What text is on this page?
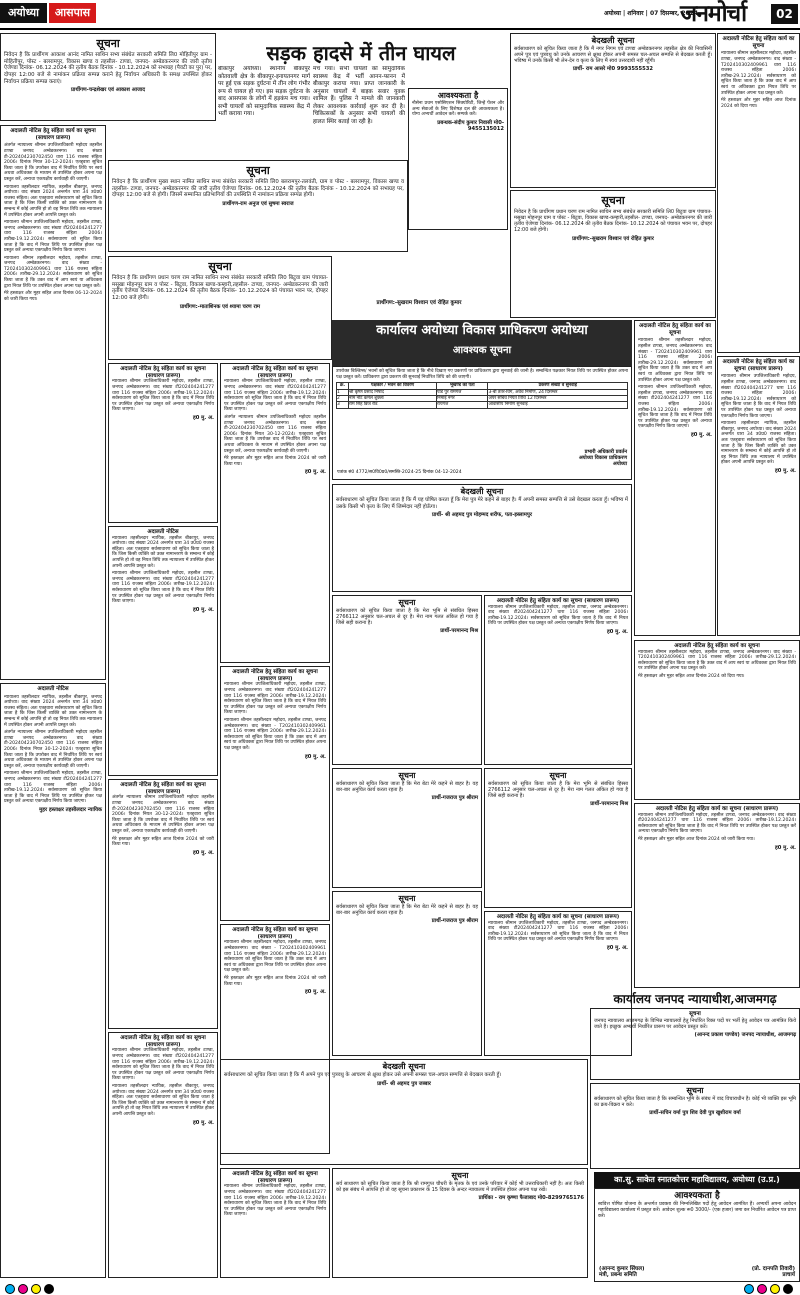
अयोध्या	आसपास	अयोध्या | शनिवार | 07 दिसम्बर, 2024
जनमोर्चा	02
सूचना
निवेदन है कि प्रार्थीगण आकाश आनंद नामित साथिन सभ्य संबंधेत सरकारी समिति लि0 मोहितीपुर ग्राम - मोहितीपुर, पोस्ट - बलरामपुर, विकास खण्ड व तहसील- टाण्डा, जनपद- अम्बेडकरनगर की जारी तृतीय ऐजेण्डा दिनांक- 06.12.2024 की तृतीय बैठक दिनांक - 10.12.2024 को सभाग्रह (पैवटी का पुर) पर, दोपहर 12:00 बजे से नामांकन प्रक्रिया सम्पन्न कराने हेतु निर्वाचन अधिकारी के समक्ष उपस्थित होकर निर्वाचन प्रक्रिया सम्पन्न कराएं।
प्रार्थीगण-चन्द्रशेखर एवं आकाश आजाद
सड़क हादसे में तीन घायल
बीकापुर अयोध्या। स्थानीय बीकापुर कोतवाली क्षेत्र के बीकापुर-इनायतनगर मार्ग पर हुई एक सड़क दुर्घटना में तीन लोग गंभीर रूप से घायल हो गए। इस सड़क दुर्घटना के बाद आसपास के लोगों में हड़कंप मच गया। सभी घायलों को सामुदायिक स्वास्थ्य केंद्र में भर्ती कराया गया।
मच गया। सभी घायलों को सामुदायिक स्वास्थ्य केंद्र में भर्ती आनन-फानन में बीकापुर कराया गया। प्राप्त जानकारी के अनुसार घायलों में बाइक सवार युवक शामिल हैं। पुलिस ने मामले की जानकारी लेकर आवश्यक कार्रवाई शुरू कर दी है। चिकित्सकों के अनुसार सभी घायलों की हालत स्थिर बताई जा रही है।
आवश्यकता है
नौसेना प्रथम एसोसिएशन सिक्योरिटी, जिन्हें पेंशन और अन्य सेवाओं के लिए विशेषज्ञ दल की आवश्यकता है। योग्य अभ्यर्थी आवेदन करें। सम्पर्क करें।
प्रबन्धक-संदीप कुमार निवासी मो0-9455135012
सूचना
निवेदन है कि प्रार्थीगण मुख्य स्थान नामित साथिन सभ्य संबंधेत सरकारी समिति लि0 बलरामपुर-तलवंती, ग्राम व पोस्ट - बलरामपुर, विकास खण्ड व तहसील- टाण्डा, जनपद- अम्बेडकरनगर की जारी तृतीय ऐजेण्डा दिनांक- 06.12.2024 की तृतीय बैठक दिनांक - 10.12.2024 को सभाग्रह पर, दोपहर 12:00 बजे से होगी। जिसमें सम्मानित प्रतिभागियों की उपस्थिति में नामांकन प्रक्रिया सम्पन्न होगी।
प्रार्थीगण-राम अनुज एवं सुषमा स्वराज
सूचना
निवेदन है कि प्रार्थीगण प्रधान चरण राम नामित साथिन सभ्य संबंधेत सरकारी समिति लि0 बिटुवा ग्राम पंचायत-मसूखा मोहनपुर ग्राम व पोस्ट - बिटुवा, विकास खण्ड-कम्हारी,तहसील- टाण्डा, जनपद- अम्बेडकरनगर की जारी तृतीय ऐजेण्डा दिनांक- 06.12.2024 की तृतीय बैठक दिनांक- 10.12.2024 को पंचायत भवन पर, दोपहर 12:00 बजे होगी।
प्रार्थीगण:-माताशिनक एवं श्यामा चरण राम
प्रार्थीगण:-सुखराम विश्वान एवं रोहित कुमार
बेदखली सूचना
सर्वसाधारण को सूचित किया जाता है कि मैं नगर निगम एवं टाण्डा अम्बेडकरनगर तहसील क्षेत्र की निवासिनी अपने पुत्र एवं पुत्रवधु को उनके आचरण से क्षुब्ध होकर अपनी समस्त चल-अचल सम्पत्ति से बेदखल करती हूँ। भविष्य में उनके किसी भी लेन-देन व कृत्य के लिए मैं स्वयं उत्तरदायी नहीं रहूँगी।
प्रार्थी- राम आसरे मो0 9993555532
अदालती नोटिस हेतु संहिता कार्य का सूचना
न्यायालय श्रीमान तहसीलदार महोदय, तहसील टाण्डा, जनपद अम्बेडकरनगर। वाद संख्या - T202410302409961 धारा 116 राजस्व संहिता 2006। तारीख-29.12.2024। सर्वसाधारण को सूचित किया जाता है कि उक्त वाद में आप स्वयं या अधिवक्ता द्वारा नियत तिथि पर उपस्थित होकर अपना पक्ष प्रस्तुत करें।
मेरे हस्ताक्षर और मुहर सहित आज दिनांक 2024 को दिया गया।
सूचना
निवेदन है कि प्रार्थीगण प्रधान चरण राम नामित साथिन सभ्य संबंधेत सरकारी समिति लि0 बिटुवा ग्राम पंचायत-मसूखा मोहनपुर ग्राम व पोस्ट - बिटुवा, विकास खण्ड-कम्हारी,तहसील- टाण्डा, जनपद- अम्बेडकरनगर की जारी तृतीय ऐजेण्डा दिनांक- 06.12.2024 की तृतीय बैठक दिनांक- 10.12.2024 को पंचायत भवन पर, दोपहर 12:00 बजे होगी।
प्रार्थीगण:-सुखराम विश्वान एवं रोहित कुमार
अदालती नोटिस हेतु संहिता कार्य का सूचना (साधारण प्रारूप)
अंतर्गत न्यायालय श्रीमान उपजिलाधिकारी महोदय तहसील टाण्डा जनपद अम्बेडकरनगर। वाद संख्या टी-202404230702450 धारा 116 राजस्व संहिता 2006। दिनांक नियत 30-12-2024। एतद्द्वारा सूचित किया जाता है कि उपरोक्त वाद में निर्धारित तिथि पर स्वयं अथवा अधिवक्ता के माध्यम से उपस्थित होकर अपना पक्ष प्रस्तुत करें, अन्यथा एकपक्षीय कार्यवाही की जाएगी।
न्यायालय तहसीलदार न्यायिक, तहसील बीकापुर, जनपद अयोध्या। वाद संख्या 2024 अन्तर्गत धारा 34 उ0प्र0 राजस्व संहिता। अतः एतद्द्वारा सर्वसाधारण को सूचित किया जाता है कि जिस किसी व्यक्ति को उक्त नामान्तरण के सम्बन्ध में कोई आपत्ति हो तो वह नियत तिथि तक न्यायालय में उपस्थित होकर अपनी आपत्ति प्रस्तुत करे।
न्यायालय श्रीमान उपजिलाधिकारी महोदय, तहसील टाण्डा, जनपद अम्बेडकरनगर। वाद संख्या टी202404241277 धारा 116 राजस्व संहिता 2006। तारीख-19.12.2024। सर्वसाधारण को सूचित किया जाता है कि वाद में नियत तिथि पर उपस्थित होकर पक्ष प्रस्तुत करें अन्यथा एकपक्षीय निर्णय किया जाएगा।
न्यायालय श्रीमान तहसीलदार महोदय, तहसील टाण्डा, जनपद अम्बेडकरनगर। वाद संख्या - T202410302409961 धारा 116 राजस्व संहिता 2006। तारीख-29.12.2024। सर्वसाधारण को सूचित किया जाता है कि उक्त वाद में आप स्वयं या अधिवक्ता द्वारा नियत तिथि पर उपस्थित होकर अपना पक्ष प्रस्तुत करें।
मेरे हस्ताक्षर और मुहर सहित आज दिनांक 06-12-2024 को जारी किया गया।
अदालती नोटिस
न्यायालय तहसीलदार न्यायिक, तहसील बीकापुर, जनपद अयोध्या। वाद संख्या 2024 अन्तर्गत धारा 34 उ0प्र0 राजस्व संहिता। अतः एतद्द्वारा सर्वसाधारण को सूचित किया जाता है कि जिस किसी व्यक्ति को उक्त नामान्तरण के सम्बन्ध में कोई आपत्ति हो तो वह नियत तिथि तक न्यायालय में उपस्थित होकर अपनी आपत्ति प्रस्तुत करे।
अंतर्गत न्यायालय श्रीमान उपजिलाधिकारी महोदय तहसील टाण्डा जनपद अम्बेडकरनगर। वाद संख्या टी-202404230702450 धारा 116 राजस्व संहिता 2006। दिनांक नियत 30-12-2024। एतद्द्वारा सूचित किया जाता है कि उपरोक्त वाद में निर्धारित तिथि पर स्वयं अथवा अधिवक्ता के माध्यम से उपस्थित होकर अपना पक्ष प्रस्तुत करें, अन्यथा एकपक्षीय कार्यवाही की जाएगी।
न्यायालय श्रीमान उपजिलाधिकारी महोदय, तहसील टाण्डा, जनपद अम्बेडकरनगर। वाद संख्या टी202404241277 धारा 116 राजस्व संहिता 2006। तारीख-19.12.2024। सर्वसाधारण को सूचित किया जाता है कि वाद में नियत तिथि पर उपस्थित होकर पक्ष प्रस्तुत करें अन्यथा एकपक्षीय निर्णय किया जाएगा।
मुहर हस्ताक्षर तहसीलदार न्यायिक
अदालती नोटिस हेतु संहिता कार्य का सूचना (साधारण प्रारूप)
न्यायालय श्रीमान उपजिलाधिकारी महोदय, तहसील टाण्डा, जनपद अम्बेडकरनगर। वाद संख्या टी202404241277 धारा 116 राजस्व संहिता 2006। तारीख-19.12.2024। सर्वसाधारण को सूचित किया जाता है कि वाद में नियत तिथि पर उपस्थित होकर पक्ष प्रस्तुत करें अन्यथा एकपक्षीय निर्णय किया जाएगा।
ह0 मु. अ.
अदालती नोटिस हेतु संहिता कार्य का सूचना (साधारण प्रारूप)
न्यायालय श्रीमान उपजिलाधिकारी महोदय, तहसील टाण्डा, जनपद अम्बेडकरनगर। वाद संख्या टी202404241277 धारा 116 राजस्व संहिता 2006। तारीख-19.12.2024। सर्वसाधारण को सूचित किया जाता है कि वाद में नियत तिथि पर उपस्थित होकर पक्ष प्रस्तुत करें अन्यथा एकपक्षीय निर्णय किया जाएगा।
अंतर्गत न्यायालय श्रीमान उपजिलाधिकारी महोदय तहसील टाण्डा जनपद अम्बेडकरनगर। वाद संख्या टी-202404230702450 धारा 116 राजस्व संहिता 2006। दिनांक नियत 30-12-2024। एतद्द्वारा सूचित किया जाता है कि उपरोक्त वाद में निर्धारित तिथि पर स्वयं अथवा अधिवक्ता के माध्यम से उपस्थित होकर अपना पक्ष प्रस्तुत करें, अन्यथा एकपक्षीय कार्यवाही की जाएगी।
मेरे हस्ताक्षर और मुहर सहित आज दिनांक 2024 को जारी किया गया।
ह0 मु. अ.
अदालती नोटिस
न्यायालय तहसीलदार न्यायिक, तहसील बीकापुर, जनपद अयोध्या। वाद संख्या 2024 अन्तर्गत धारा 34 उ0प्र0 राजस्व संहिता। अतः एतद्द्वारा सर्वसाधारण को सूचित किया जाता है कि जिस किसी व्यक्ति को उक्त नामान्तरण के सम्बन्ध में कोई आपत्ति हो तो वह नियत तिथि तक न्यायालय में उपस्थित होकर अपनी आपत्ति प्रस्तुत करे।
न्यायालय श्रीमान उपजिलाधिकारी महोदय, तहसील टाण्डा, जनपद अम्बेडकरनगर। वाद संख्या टी202404241277 धारा 116 राजस्व संहिता 2006। तारीख-19.12.2024। सर्वसाधारण को सूचित किया जाता है कि वाद में नियत तिथि पर उपस्थित होकर पक्ष प्रस्तुत करें अन्यथा एकपक्षीय निर्णय किया जाएगा।
ह0 मु. अ.
अदालती नोटिस हेतु संहिता कार्य का सूचना (साधारण प्रारूप)
न्यायालय श्रीमान उपजिलाधिकारी महोदय, तहसील टाण्डा, जनपद अम्बेडकरनगर। वाद संख्या टी202404241277 धारा 116 राजस्व संहिता 2006। तारीख-19.12.2024। सर्वसाधारण को सूचित किया जाता है कि वाद में नियत तिथि पर उपस्थित होकर पक्ष प्रस्तुत करें अन्यथा एकपक्षीय निर्णय किया जाएगा।
न्यायालय श्रीमान तहसीलदार महोदय, तहसील टाण्डा, जनपद अम्बेडकरनगर। वाद संख्या - T202410302409961 धारा 116 राजस्व संहिता 2006। तारीख-29.12.2024। सर्वसाधारण को सूचित किया जाता है कि उक्त वाद में आप स्वयं या अधिवक्ता द्वारा नियत तिथि पर उपस्थित होकर अपना पक्ष प्रस्तुत करें।
ह0 मु. अ.
अदालती नोटिस हेतु संहिता कार्य का सूचना (साधारण प्रारूप)
अंतर्गत न्यायालय श्रीमान उपजिलाधिकारी महोदय तहसील टाण्डा जनपद अम्बेडकरनगर। वाद संख्या टी-202404230702450 धारा 116 राजस्व संहिता 2006। दिनांक नियत 30-12-2024। एतद्द्वारा सूचित किया जाता है कि उपरोक्त वाद में निर्धारित तिथि पर स्वयं अथवा अधिवक्ता के माध्यम से उपस्थित होकर अपना पक्ष प्रस्तुत करें, अन्यथा एकपक्षीय कार्यवाही की जाएगी।
मेरे हस्ताक्षर और मुहर सहित आज दिनांक 2024 को जारी किया गया।
ह0 मु. अ.
अदालती नोटिस हेतु संहिता कार्य का सूचना (साधारण प्रारूप)
न्यायालय श्रीमान उपजिलाधिकारी महोदय, तहसील टाण्डा, जनपद अम्बेडकरनगर। वाद संख्या टी202404241277 धारा 116 राजस्व संहिता 2006। तारीख-19.12.2024। सर्वसाधारण को सूचित किया जाता है कि वाद में नियत तिथि पर उपस्थित होकर पक्ष प्रस्तुत करें अन्यथा एकपक्षीय निर्णय किया जाएगा।
न्यायालय तहसीलदार न्यायिक, तहसील बीकापुर, जनपद अयोध्या। वाद संख्या 2024 अन्तर्गत धारा 34 उ0प्र0 राजस्व संहिता। अतः एतद्द्वारा सर्वसाधारण को सूचित किया जाता है कि जिस किसी व्यक्ति को उक्त नामान्तरण के सम्बन्ध में कोई आपत्ति हो तो वह नियत तिथि तक न्यायालय में उपस्थित होकर अपनी आपत्ति प्रस्तुत करे।
ह0 मु. अ.
अदालती नोटिस हेतु संहिता कार्य का सूचना (साधारण प्रारूप)
न्यायालय श्रीमान तहसीलदार महोदय, तहसील टाण्डा, जनपद अम्बेडकरनगर। वाद संख्या - T202410302409961 धारा 116 राजस्व संहिता 2006। तारीख-29.12.2024। सर्वसाधारण को सूचित किया जाता है कि उक्त वाद में आप स्वयं या अधिवक्ता द्वारा नियत तिथि पर उपस्थित होकर अपना पक्ष प्रस्तुत करें।
मेरे हस्ताक्षर और मुहर सहित आज दिनांक 2024 को जारी किया गया।
ह0 मु. अ.
कार्यालय अयोध्या विकास प्राधिकरण अयोध्या
आवश्यक सूचना
उपरोक्त बिल्डिंग्स/ भवनों को सूचित किया जाता है कि नीचे दिखाए गए प्रकरणों पर प्राधिकरण द्वारा सुनवाई की जानी है। सम्बन्धित पक्षकार नियत तिथि पर उपस्थित होकर अपना पक्ष प्रस्तुत करें। प्राधिकरण द्वारा प्रकरण की सुनवाई निर्धारित तिथि को की जाएगी।
क्र.	पक्षकार / भवन का विवरण	भूखण्ड का पता	प्रकरण संख्या व सुनवाई
1	श्री कृष्ण प्रसाद निषाद	पांडे पुर रामगंज	3-बी ततर-विंग, अवैध निर्माण, 24 दिसम्बर
2	नाम नोट कमल शुक्ला	निमाई नगर	अपर सचिव नियत तिथि 12 दिसम्बर
3	राम सिंह ब्रिज रोड	रायगंज	आवासीय निर्माण सुनवाई
प्रभारी अधिकारी प्रवर्तन
अयोध्या विकास प्राधिकरण
अयोध्या
पत्रांक सं0 4772/स0वि0प्र0/समस्ति-2024-25 दिनांक 04-12-2024
अदालती नोटिस हेतु संहिता कार्य का सूचना (साधारण प्रारूप)
न्यायालय श्रीमान उपजिलाधिकारी महोदय, तहसील टाण्डा, जनपद अम्बेडकरनगर। वाद संख्या टी202404241277 धारा 116 राजस्व संहिता 2006। तारीख-19.12.2024। सर्वसाधारण को सूचित किया जाता है कि वाद में नियत तिथि पर उपस्थित होकर पक्ष प्रस्तुत करें अन्यथा एकपक्षीय निर्णय किया जाएगा।
न्यायालय तहसीलदार न्यायिक, तहसील बीकापुर, जनपद अयोध्या। वाद संख्या 2024 अन्तर्गत धारा 34 उ0प्र0 राजस्व संहिता। अतः एतद्द्वारा सर्वसाधारण को सूचित किया जाता है कि जिस किसी व्यक्ति को उक्त नामान्तरण के सम्बन्ध में कोई आपत्ति हो तो वह नियत तिथि तक न्यायालय में उपस्थित होकर अपनी आपत्ति प्रस्तुत करे।
ह0 मु. अ.
अदालती नोटिस हेतु संहिता कार्य का सूचना
न्यायालय श्रीमान तहसीलदार महोदय, तहसील टाण्डा, जनपद अम्बेडकरनगर। वाद संख्या - T202410302409961 धारा 116 राजस्व संहिता 2006। तारीख-29.12.2024। सर्वसाधारण को सूचित किया जाता है कि उक्त वाद में आप स्वयं या अधिवक्ता द्वारा नियत तिथि पर उपस्थित होकर अपना पक्ष प्रस्तुत करें।
न्यायालय श्रीमान उपजिलाधिकारी महोदय, तहसील टाण्डा, जनपद अम्बेडकरनगर। वाद संख्या टी202404241277 धारा 116 राजस्व संहिता 2006। तारीख-19.12.2024। सर्वसाधारण को सूचित किया जाता है कि वाद में नियत तिथि पर उपस्थित होकर पक्ष प्रस्तुत करें अन्यथा एकपक्षीय निर्णय किया जाएगा।
ह0 मु. अ.
बेदखली सूचना
सर्वसाधारण को सूचित किया जाता है कि मैं यह घोषित करता हूँ कि मेरा पुत्र मेरे कहने से बाहर है। मैं अपनी समस्त सम्पत्ति से उसे बेदखल करता हूँ। भविष्य में उसके किसी भी कृत्य के लिए मैं जिम्मेदार नहीं होऊँगा।
प्रार्थी- श्री अहमद पुत्र मोहम्मद शरीफ, पता-इस्लामपुर
सूचना
सर्वसाधारण को सूचित किया जाता है कि मेरा भूमि से संबंधित हिस्सा 2766112 अनुसार चल-अचल से दूर है। मेरा नाम गलत अंकित हो गया है जिसे सही कराना है।
प्रार्थी-परमानन्द मिश्र
अदालती नोटिस हेतु संहिता कार्य का सूचना (साधारण प्रारूप)
न्यायालय श्रीमान उपजिलाधिकारी महोदय, तहसील टाण्डा, जनपद अम्बेडकरनगर। वाद संख्या टी202404241277 धारा 116 राजस्व संहिता 2006। तारीख-19.12.2024। सर्वसाधारण को सूचित किया जाता है कि वाद में नियत तिथि पर उपस्थित होकर पक्ष प्रस्तुत करें अन्यथा एकपक्षीय निर्णय किया जाएगा।
ह0 मु. अ.
अदालती नोटिस हेतु संहिता कार्य का सूचना
न्यायालय श्रीमान तहसीलदार महोदय, तहसील टाण्डा, जनपद अम्बेडकरनगर। वाद संख्या - T202410302409961 धारा 116 राजस्व संहिता 2006। तारीख-29.12.2024। सर्वसाधारण को सूचित किया जाता है कि उक्त वाद में आप स्वयं या अधिवक्ता द्वारा नियत तिथि पर उपस्थित होकर अपना पक्ष प्रस्तुत करें।
मेरे हस्ताक्षर और मुहर सहित आज दिनांक 2024 को दिया गया।
सूचना
सर्वसाधारण को सूचित किया जाता है कि मेरा बेटा मेरे कहने से बाहर है। वह बार-बार अनुचित कार्य करता रहता है।
प्रार्थी-गजराज पुत्र श्रीराम
सूचना
सर्वसाधारण को सूचित किया जाता है कि मेरा भूमि से संबंधित हिस्सा 2766112 अनुसार चल-अचल से दूर है। मेरा नाम गलत अंकित हो गया है जिसे सही कराना है।
प्रार्थी-परमानन्द मिश्र
सूचना
सर्वसाधारण को सूचित किया जाता है कि मेरा बेटा मेरे कहने से बाहर है। वह बार-बार अनुचित कार्य करता रहता है।
प्रार्थी-गजराज पुत्र श्रीराम
अदालती नोटिस हेतु संहिता कार्य का सूचना (साधारण प्रारूप)
न्यायालय श्रीमान उपजिलाधिकारी महोदय, तहसील टाण्डा, जनपद अम्बेडकरनगर। वाद संख्या टी202404241277 धारा 116 राजस्व संहिता 2006। तारीख-19.12.2024। सर्वसाधारण को सूचित किया जाता है कि वाद में नियत तिथि पर उपस्थित होकर पक्ष प्रस्तुत करें अन्यथा एकपक्षीय निर्णय किया जाएगा।
ह0 मु. अ.
अदालती नोटिस हेतु संहिता कार्य का सूचना (साधारण प्रारूप)
न्यायालय श्रीमान उपजिलाधिकारी महोदय, तहसील टाण्डा, जनपद अम्बेडकरनगर। वाद संख्या टी202404241277 धारा 116 राजस्व संहिता 2006। तारीख-19.12.2024। सर्वसाधारण को सूचित किया जाता है कि वाद में नियत तिथि पर उपस्थित होकर पक्ष प्रस्तुत करें अन्यथा एकपक्षीय निर्णय किया जाएगा।
मेरे हस्ताक्षर और मुहर सहित आज दिनांक 2024 को जारी किया गया।
ह0 मु. अ.
कार्यालय जनपद न्यायाधीश,आजमगढ़
सूचना
जनपद न्यायालय आजमगढ़ के विभिन्न न्यायालयों हेतु निर्धारित रिक्त पदों पर भर्ती हेतु आवेदन पत्र आमंत्रित किये जाते हैं। इच्छुक अभ्यर्थी निर्धारित प्रारूप पर आवेदन प्रस्तुत करें।
(आनन्द प्रकाश पाण्डेय) जनपद न्यायाधीश, आजमगढ़
सूचना
सर्वसाधारण को सूचित किया जाता है कि सम्बन्धित भूमि के संबंध में वाद विचाराधीन है। कोई भी व्यक्ति इस भूमि का क्रय-विक्रय न करे।
प्रार्थी-सचिन वर्मा पुत्र शिव देवी पुत्र खुशीराम वर्मा
बेदखली सूचना
सर्वसाधारण को सूचित किया जाता है कि मैं अपने पुत्र एवं पुत्रवधु के आचरण से क्षुब्ध होकर उसे अपनी समस्त चल-अचल सम्पत्ति से बेदखल करती हूँ।
प्रार्थी- श्री अहमद पुत्र जब्बार
सूचना
सर्व साधारण को सूचित किया जाता है कि श्री रामगुप्त चौधरी के मृतक के एवं उनके परिवार में कोई भी उत्तराधिकारी नहीं है। अतः किसी को इस संबंध में आपत्ति हो तो वह सूचना प्रकाशन के 15 दिवस के अन्दर न्यायालय में उपस्थित होकर अपना पक्ष रखें।
प्रार्थिका - राम कृष्णा फैजाबाद मो0-8299765176
अदालती नोटिस हेतु संहिता कार्य का सूचना (साधारण प्रारूप)
न्यायालय श्रीमान उपजिलाधिकारी महोदय, तहसील टाण्डा, जनपद अम्बेडकरनगर। वाद संख्या टी202404241277 धारा 116 राजस्व संहिता 2006। तारीख-19.12.2024। सर्वसाधारण को सूचित किया जाता है कि वाद में नियत तिथि पर उपस्थित होकर पक्ष प्रस्तुत करें अन्यथा एकपक्षीय निर्णय किया जाएगा।
का.सु. साकेत स्नातकोत्तर महाविद्यालय, अयोध्या (उ.प्र.)
आवश्यकता है
स्ववित्त पोषित योजना के अन्तर्गत प्रवक्ता की निम्नलिखित पदों हेतु आवेदन आमंत्रित हैं। अभ्यर्थी अपना आवेदन महाविद्यालय कार्यालय में प्रस्तुत करें। आवेदन शुल्क रू0 3000/- (एक हजार) जमा कर निर्धारित आवेदन पत्र प्राप्त करें।
(आनन्द कुमार सिंघल)
मंत्री, प्रबन्ध समिति
(प्रो. दानपति तिवारी)
प्राचार्य
